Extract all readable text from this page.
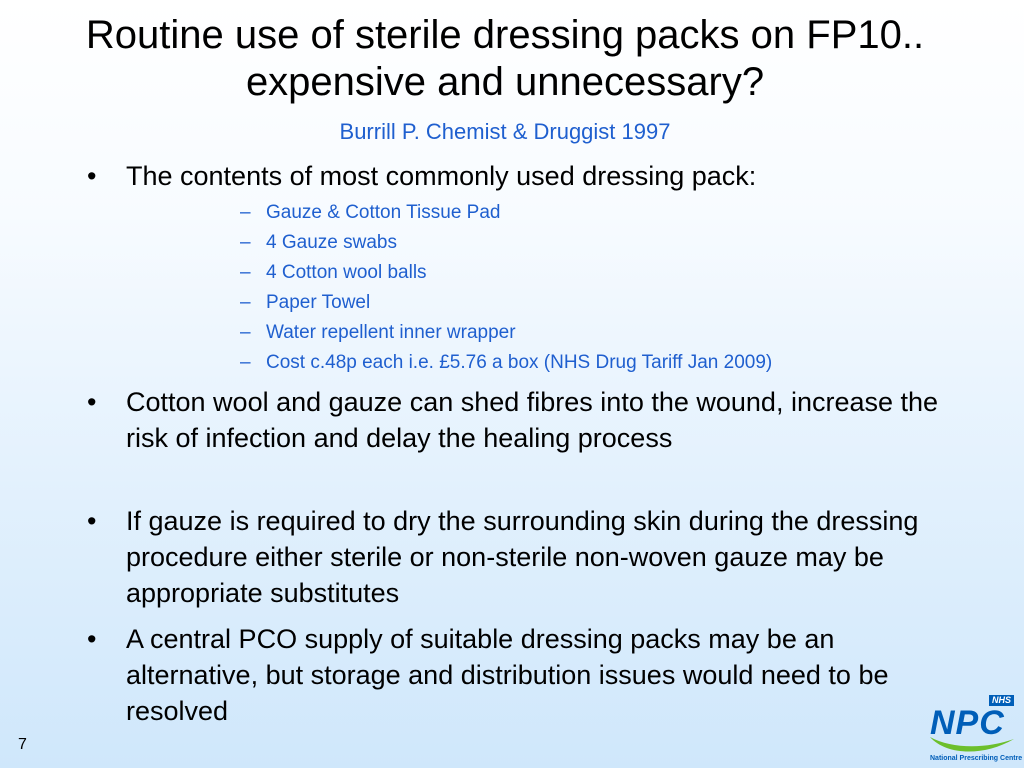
Routine use of sterile dressing packs on FP10.. expensive and unnecessary?

Burrill P. Chemist & Druggist 1997

• The contents of most commonly used dressing pack:
– Gauze & Cotton Tissue Pad
– 4 Gauze swabs
– 4 Cotton wool balls
– Paper Towel
– Water repellent inner wrapper
– Cost c.48p each i.e. £5.76 a box (NHS Drug Tariff Jan 2009)
• Cotton wool and gauze can shed fibres into the wound, increase the risk of infection and delay the healing process
• If gauze is required to dry the surrounding skin during the dressing procedure either sterile or non-sterile non-woven gauze may be appropriate substitutes
• A central PCO supply of suitable dressing packs may be an alternative, but storage and distribution issues would need to be resolved
7
NHS
NPC
National Prescribing Centre
